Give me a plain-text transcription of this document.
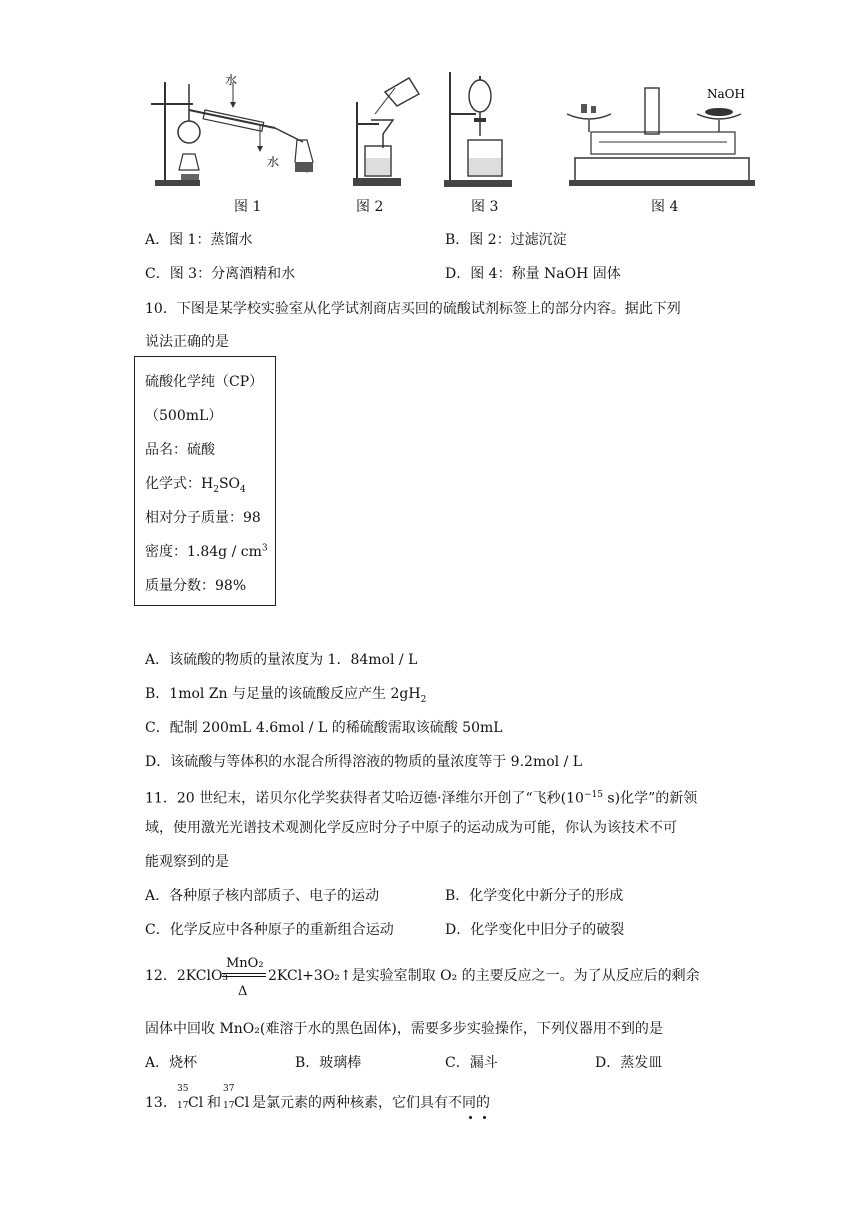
水
水
NaOH
图 1	图 2	图 3	图 4
A．图 1：蒸馏水	B．图 2：过滤沉淀
C．图 3：分离酒精和水	D．图 4：称量 NaOH 固体
10．下图是某学校实验室从化学试剂商店买回的硫酸试剂标签上的部分内容。据此下列
说法正确的是
硫酸化学纯（CP）
（500mL）
品名：硫酸
化学式：$H_2SO_4$
相对分子质量：98
密度：$1.84g / cm^3$
质量分数：98%
A．该硫酸的物质的量浓度为 1．84mol / L
B．1mol Zn 与足量的该硫酸反应产生 $2gH_2$
C．配制 200mL 4.6mol / L 的稀硫酸需取该硫酸 50mL
D．该硫酸与等体积的水混合所得溶液的物质的量浓度等于 9.2mol / L
11．20 世纪末，诺贝尔化学奖获得者艾哈迈德·泽维尔开创了“飞秒($10^{-15}$ s)化学”的新领
域，使用激光光谱技术观测化学反应时分子中原子的运动成为可能，你认为该技术不可
能观察到的是
A．各种原子核内部质子、电子的运动	B．化学变化中新分子的形成
C．化学反应中各种原子的重新组合运动	D．化学变化中旧分子的破裂
MnO₂
Δ
12．2KClO₃	2KCl+3O₂↑是实验室制取 O₂ 的主要反应之一。为了从反应后的剩余
固体中回收 MnO₂(难溶于水的黑色固体)，需要多步实验操作，下列仪器用不到的是
A．烧杯	B．玻璃棒	C．漏斗	D．蒸发皿
13．
35
17 Cl 和
37
17 Cl 是氯元素的两种核素，它们具有不同的
